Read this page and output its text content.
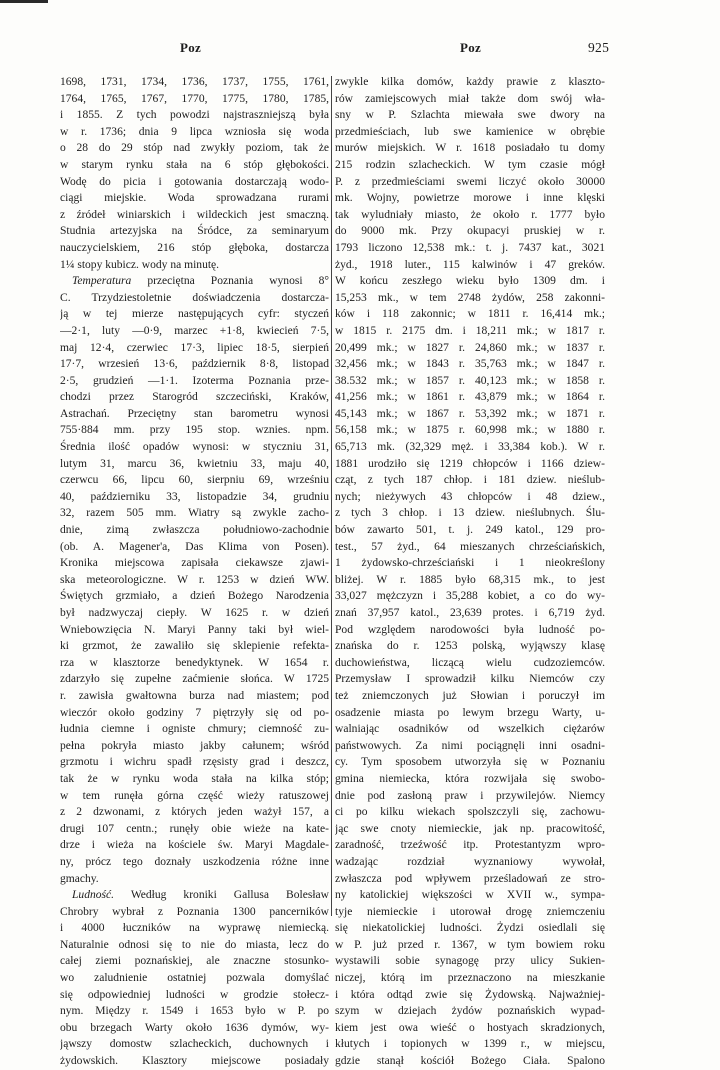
Poz	Poz	925
1698, 1731, 1734, 1736, 1737, 1755, 1761,
1764, 1765, 1767, 1770, 1775, 1780, 1785,
i 1855. Z tych powodzi najstraszniejszą była
w r. 1736; dnia 9 lipca wzniosła się woda
o 28 do 29 stóp nad zwykły poziom, tak że
w starym rynku stała na 6 stóp głębokości.
Wodę do picia i gotowania dostarczają wodo-
ciągi miejskie. Woda sprowadzana rurami
z źródeł winiarskich i wildeckich jest smaczną.
Studnia artezyjska na Śródce, za seminaryum
nauczycielskiem, 216 stóp głęboka, dostarcza
1¼ stopy kubicz. wody na minutę.
Temperatura przeciętna Poznania wynosi 8°
C. Trzydziestoletnie doświadczenia dostarcza-
ją w tej mierze następujących cyfr: styczeń
—2·1, luty —0·9, marzec +1·8, kwiecień 7·5,
maj 12·4, czerwiec 17·3, lipiec 18·5, sierpień
17·7, wrzesień 13·6, październik 8·8, listopad
2·5, grudzień —1·1. Izoterma Poznania prze-
chodzi przez Starogród szczeciński, Kraków,
Astrachań. Przeciętny stan barometru wynosi
755·884 mm. przy 195 stop. wznies. npm.
Średnia ilość opadów wynosi: w styczniu 31,
lutym 31, marcu 36, kwietniu 33, maju 40,
czerwcu 66, lipcu 60, sierpniu 69, wrześniu
40, październiku 33, listopadzie 34, grudniu
32, razem 505 mm. Wiatry są zwykle zacho-
dnie, zimą zwłaszcza południowo-zachodnie
(ob. A. Magener'a, Das Klima von Posen).
Kronika miejscowa zapisała ciekawsze zjawi-
ska meteorologiczne. W r. 1253 w dzień WW.
Świętych grzmiało, a dzień Bożego Narodzenia
był nadzwyczaj ciepły. W 1625 r. w dzień
Wniebowzięcia N. Maryi Panny taki był wiel-
ki grzmot, że zawaliło się sklepienie refekta-
rza w klasztorze benedyktynek. W 1654 r.
zdarzyło się zupełne zaćmienie słońca. W 1725
r. zawisła gwałtowna burza nad miastem; pod
wieczór około godziny 7 piętrzyły się od po-
łudnia ciemne i ogniste chmury; ciemność zu-
pełna pokryła miasto jakby całunem; wśród
grzmotu i wichru spadł rzęsisty grad i deszcz,
tak że w rynku woda stała na kilka stóp;
w tem runęła górna część wieży ratuszowej
z 2 dzwonami, z których jeden ważył 157, a
drugi 107 centn.; runęły obie wieże na kate-
drze i wieża na kościele św. Maryi Magdale-
ny, prócz tego doznały uszkodzenia różne inne
gmachy.
Ludność. Według kroniki Gallusa Bolesław
Chrobry wybrał z Poznania 1300 pancerników
i 4000 łuczników na wyprawę niemiecką.
Naturalnie odnosi się to nie do miasta, lecz do
całej ziemi poznańskiej, ale znaczne stosunko-
wo zaludnienie ostatniej pozwala domyślać
się odpowiedniej ludności w grodzie stołecz-
nym. Między r. 1549 i 1653 było w P. po
obu brzegach Warty około 1636 dymów, wy-
jąwszy domostw szlacheckich, duchownych i
żydowskich. Klasztory miejscowe posiadały
zwykle kilka domów, każdy prawie z klaszto-
rów zamiejscowych miał także dom swój wła-
sny w P. Szlachta miewała swe dwory na
przedmieściach, lub swe kamienice w obrębie
murów miejskich. W r. 1618 posiadało tu domy
215 rodzin szlacheckich. W tym czasie mógł
P. z przedmieściami swemi liczyć około 30000
mk. Wojny, powietrze morowe i inne klęski
tak wyludniały miasto, że około r. 1777 było
do 9000 mk. Przy okupacyi pruskiej w r.
1793 liczono 12,538 mk.: t. j. 7437 kat., 3021
żyd., 1918 luter., 115 kalwinów i 47 greków.
W końcu zeszłego wieku było 1309 dm. i
15,253 mk., w tem 2748 żydów, 258 zakonni-
ków i 118 zakonnic; w 1811 r. 16,414 mk.;
w 1815 r. 2175 dm. i 18,211 mk.; w 1817 r.
20,499 mk.; w 1827 r. 24,860 mk.; w 1837 r.
32,456 mk.; w 1843 r. 35,763 mk.; w 1847 r.
38.532 mk.; w 1857 r. 40,123 mk.; w 1858 r.
41,256 mk.; w 1861 r. 43,879 mk.; w 1864 r.
45,143 mk.; w 1867 r. 53,392 mk.; w 1871 r.
56,158 mk.; w 1875 r. 60,998 mk.; w 1880 r.
65,713 mk. (32,329 męż. i 33,384 kob.). W r.
1881 urodziło się 1219 chłopców i 1166 dziew-
cząt, z tych 187 chłop. i 181 dziew. nieślub-
nych; nieżywych 43 chłopców i 48 dziew.,
z tych 3 chłop. i 13 dziew. nieślubnych. Ślu-
bów zawarto 501, t. j. 249 katol., 129 pro-
test., 57 żyd., 64 mieszanych chrześciańskich,
1 żydowsko-chrześciański i 1 nieokreślony
bliżej. W r. 1885 było 68,315 mk., to jest
33,027 mężczyzn i 35,288 kobiet, a co do wy-
znań 37,957 katol., 23,639 protes. i 6,719 żyd.
Pod względem narodowości była ludność po-
znańska do r. 1253 polską, wyjąwszy klasę
duchowieństwa, liczącą wielu cudzoziemców.
Przemysław I sprowadził kilku Niemców czy
też zniemczonych już Słowian i poruczył im
osadzenie miasta po lewym brzegu Warty, u-
walniając osadników od wszelkich ciężarów
państwowych. Za nimi pociągnęli inni osadni-
cy. Tym sposobem utworzyła się w Poznaniu
gmina niemiecka, która rozwijała się swobo-
dnie pod zasłoną praw i przywilejów. Niemcy
ci po kilku wiekach spolszczyli się, zachowu-
jąc swe cnoty niemieckie, jak np. pracowitość,
zaradność, trzeźwość itp. Protestantyzm wpro-
wadzając rozdział wyznaniowy wywołał,
zwłaszcza pod wpływem prześladowań ze stro-
ny katolickiej większości w XVII w., sympa-
tyje niemieckie i utorował drogę zniemczeniu
się niekatolickiej ludności. Żydzi osiedlali się
w P. już przed r. 1367, w tym bowiem roku
wystawili sobie synagogę przy ulicy Sukien-
niczej, którą im przeznaczono na mieszkanie
i która odtąd zwie się Żydowską. Najważniej-
szym w dziejach żydów poznańskich wypad-
kiem jest owa wieść o hostyach skradzionych,
kłutych i topionych w 1399 r., w miejscu,
gdzie stanął kościół Bożego Ciała. Spalono
